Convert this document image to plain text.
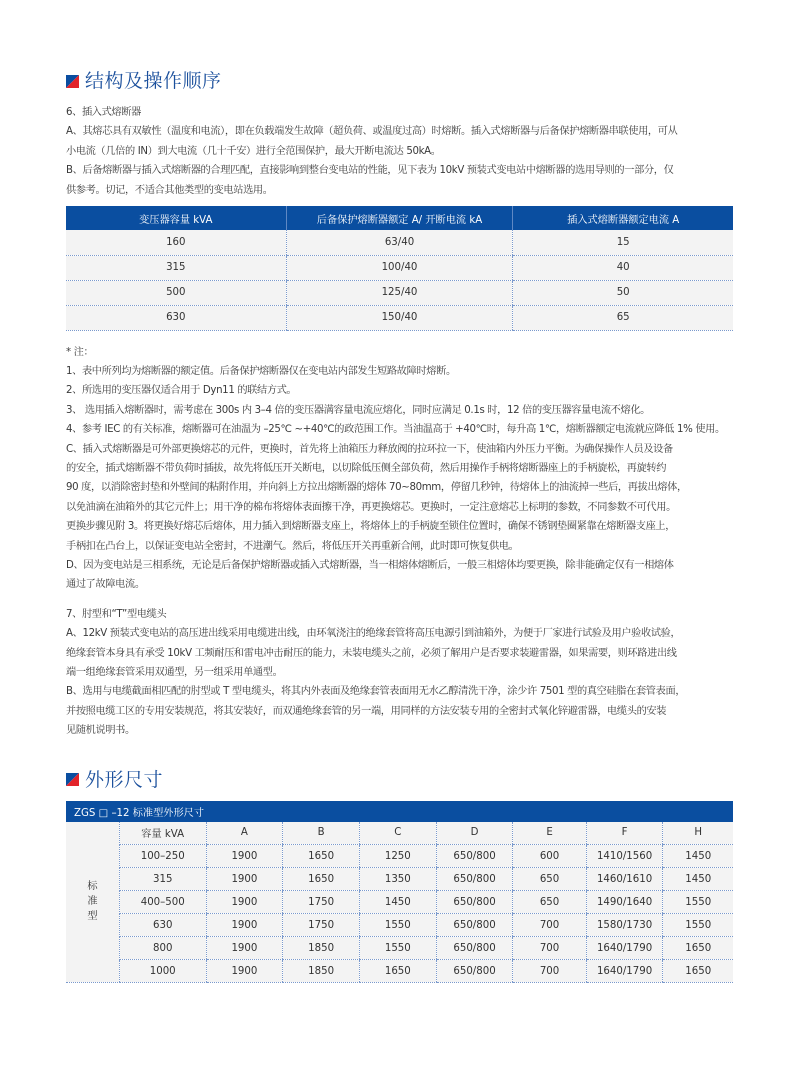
结构及操作顺序

6、插入式熔断器

A、其熔芯具有双敏性（温度和电流），即在负载端发生故障（超负荷、或温度过高）时熔断。插入式熔断器与后备保护熔断器串联使用，可从

小电流（几倍的 IN）到大电流（几十千安）进行全范围保护，最大开断电流达 50kA。

B、后备熔断器与插入式熔断器的合理匹配，直接影响到整台变电站的性能，见下表为 10kV 预装式变电站中熔断器的选用导则的一部分，仅

供参考。切记，不适合其他类型的变电站选用。

变压器容量 kVA	后备保护熔断器额定 A/ 开断电流 kA	插入式熔断器额定电流 A
160	63/40	15
315	100/40	40
500	125/40	50
630	150/40	65

* 注：

1、表中所列均为熔断器的额定值。后备保护熔断器仅在变电站内部发生短路故障时熔断。

2、所选用的变压器仅适合用于 Dyn11 的联结方式。

3、 选用插入熔断器时，需考虑在 300s 内 3–4 倍的变压器满容量电流应熔化，同时应满足 0.1s 时，12 倍的变压器容量电流不熔化。

4、参考 IEC 的有关标准，熔断器可在油温为 –25℃ ~+40℃的政范围工作。当油温高于 +40℃时，每升高 1℃，熔断器额定电流就应降低 1% 使用。

C、插入式熔断器是可外部更换熔芯的元件，更换时，首先将上油箱压力释放阀的拉环拉一下，使油箱内外压力平衡。为确保操作人员及设备

的安全，插式熔断器不带负荷时插拔，故先将低压开关断电，以切除低压侧全部负荷，然后用操作手柄将熔断器座上的手柄旋松，再旋转约

90 度，以消除密封垫和外壁间的粘附作用，并向斜上方拉出熔断器的熔体 70~80mm，停留几秒钟，待熔体上的油流掉一些后，再拔出熔体，

以免油滴在油箱外的其它元件上；用干净的棉布将熔体表面擦干净，再更换熔芯。更换时，一定注意熔芯上标明的参数，不同参数不可代用。

更换步骤见附 3。将更换好熔芯后熔体，用力插入到熔断器支座上，将熔体上的手柄旋至锁住位置时，确保不锈钢垫圈紧靠在熔断器支座上，

手柄扣在凸台上，以保证变电站全密封，不进潮气。然后，将低压开关再重新合闸，此时即可恢复供电。

D、因为变电站是三相系统，无论是后备保护熔断器或插入式熔断器，当一相熔体熔断后，一般三相熔体均要更换，除非能确定仅有一相熔体

通过了故障电流。

7、肘型和“T”型电缆头

A、12kV 预装式变电站的高压进出线采用电缆进出线，由环氧浇注的绝缘套管将高压电源引到油箱外，为便于厂家进行试验及用户验收试验，

绝缘套管本身具有承受 10kV 工频耐压和雷电冲击耐压的能力，未装电缆头之前，必须了解用户是否要求装避雷器，如果需要，则环路进出线

端一组绝缘套管采用双通型，另一组采用单通型。

B、选用与电缆截面相匹配的肘型或 T 型电缆头，将其内外表面及绝缘套管表面用无水乙醇清洗干净，涂少许 7501 型的真空硅脂在套管表面，

并按照电缆工区的专用安装规范，将其安装好，而双通绝缘套管的另一端，用同样的方法安装专用的全密封式氧化锌避雷器，电缆头的安装

见随机说明书。

外形尺寸
ZGS □ –12 标准型外形尺寸								

标
准
型	容量 kVA	A	B	C	D	E	F	H
	100–250	1900	1650	1250	650/800	600	1410/1560	1450
	315	1900	1650	1350	650/800	650	1460/1610	1450
	400–500	1900	1750	1450	650/800	650	1490/1640	1550
	630	1900	1750	1550	650/800	700	1580/1730	1550
	800	1900	1850	1550	650/800	700	1640/1790	1650
	1000	1900	1850	1650	650/800	700	1640/1790	1650
